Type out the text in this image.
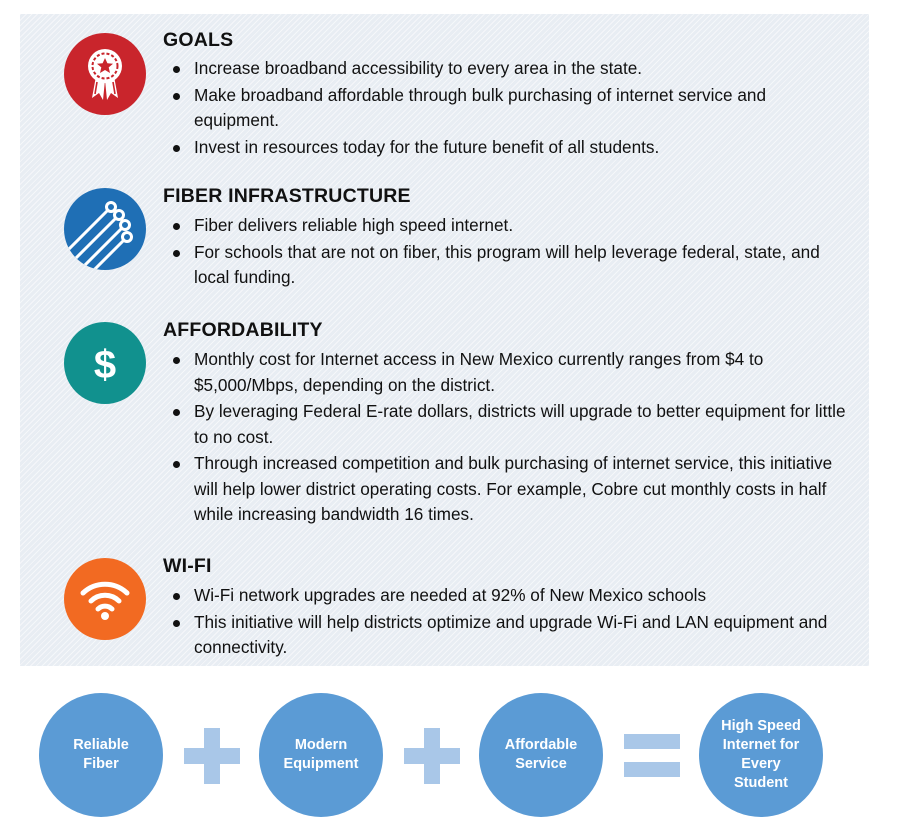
GOALS
Increase broadband accessibility to every area in the state.
Make broadband affordable through bulk purchasing of internet service and equipment.
Invest in resources today for the future benefit of all students.
FIBER INFRASTRUCTURE
Fiber delivers reliable high speed internet.
For schools that are not on fiber, this program will help leverage federal, state, and local funding.
$
AFFORDABILITY
Monthly cost for Internet access in New Mexico currently ranges from $4 to $5,000/Mbps, depending on the district.
By leveraging Federal E-rate dollars, districts will upgrade to better equipment for little to no cost.
Through increased competition and bulk purchasing of internet service, this initiative will help lower district operating costs. For example, Cobre cut monthly costs in half while increasing bandwidth 16 times.
WI-FI
Wi-Fi network upgrades are needed at 92% of New Mexico schools
This initiative will help districts optimize and upgrade Wi-Fi and LAN equipment and connectivity.
Reliable Fiber
Modern Equipment
Affordable Service
High Speed Internet for Every Student
